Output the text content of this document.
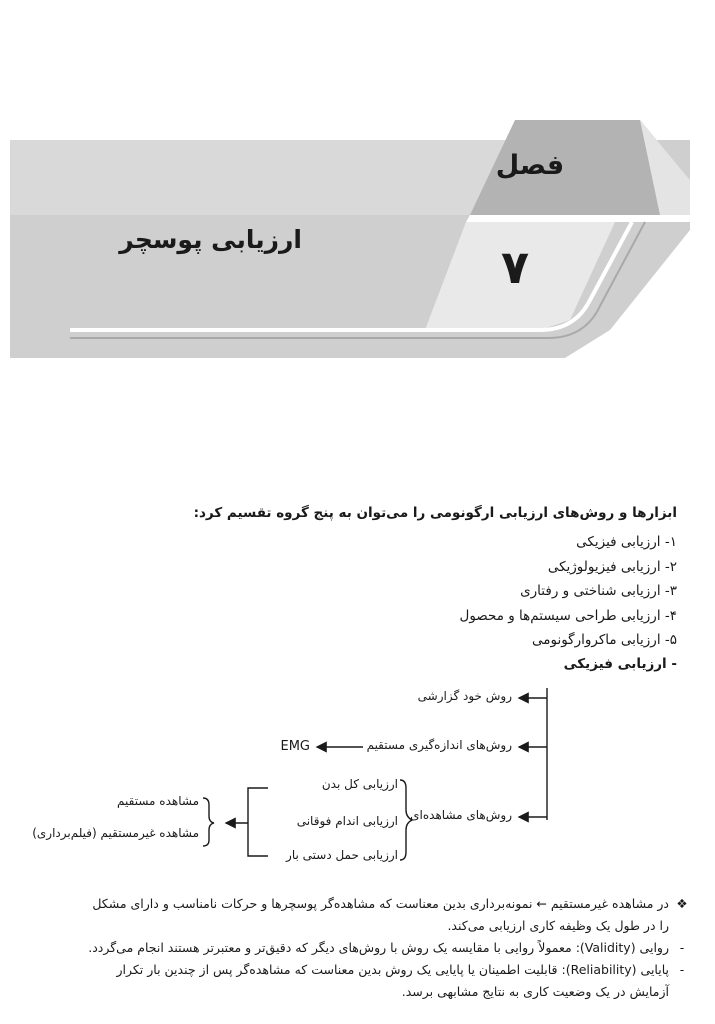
فصل
۷
ارزیابی پوسچر
ابزارها و روش‌های ارزیابی ارگونومی را می‌توان به پنج گروه تقسیم کرد:
۱- ارزیابی فیزیکی
۲- ارزیابی فیزیولوژیکی
۳- ارزیابی شناختی و رفتاری
۴- ارزیابی طراحی سیستم‌ها و محصول
۵- ارزیابی ماکروارگونومی
- ارزیابی فیزیکی
روش خود گزارشی
روش‌های اندازه‌گیری مستقیم
روش‌های مشاهده‌ای
EMG
ارزیابی کل بدن
ارزیابی اندام فوقانی
ارزیابی حمل دستی بار
مشاهده مستقیم
مشاهده غیرمستقیم (فیلم‌برداری)
❖
در مشاهده غیرمستقیم ← نمونه‌برداری بدین معناست که مشاهده‌گر پوسچرها و حرکات نامناسب و دارای مشکل
را در طول یک وظیفه کاری ارزیابی می‌کند.
-
روایی (Validity): معمولاً روایی با مقایسه یک روش با روش‌های دیگر که دقیق‌تر و معتبرتر هستند انجام می‌گردد.
-
پایایی (Reliability): قابلیت اطمینان یا پایایی یک روش بدین معناست که مشاهده‌گر پس از چندین بار تکرار
آزمایش در یک وضعیت کاری به نتایج مشابهی برسد.
